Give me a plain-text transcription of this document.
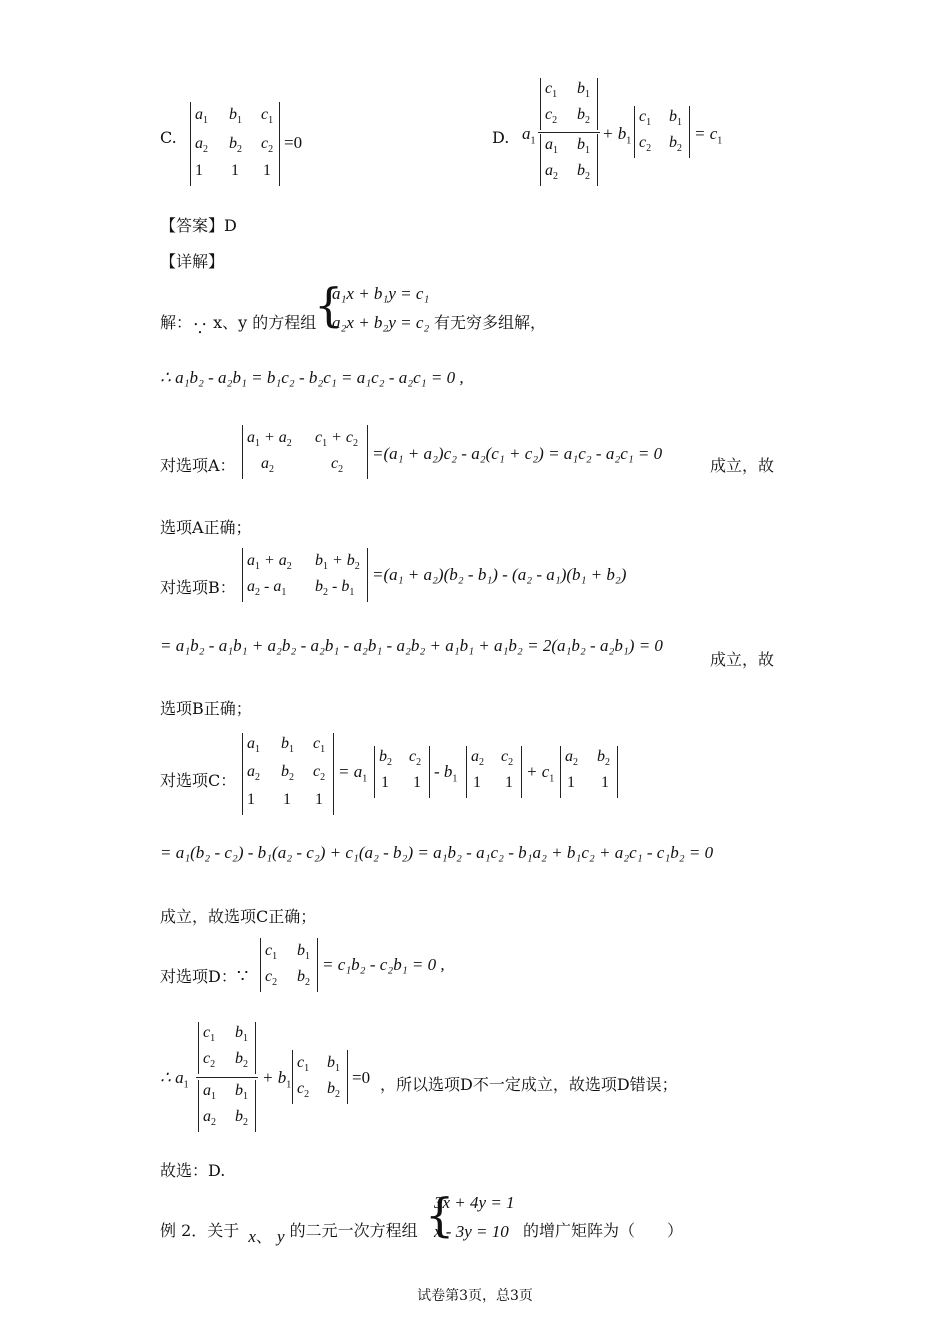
C.
$a_1$ $b_1$ $c_1$
$a_2$ $b_2$ $c_2$
1 1 1
=0	D. $a_1$
$c_1$ $b_1$
$c_2$ $b_2$
$a_1$ $b_1$
$a_2$ $b_2$
+ $b_1$
$c_1$ $b_1$
$c_2$ $b_2$
= $c_1$
【答案】D
【详解】
解：∵ x、y 的方程组
{
a₁x + b₁y = c₁
a₂x + b₂y = c₂ 有无穷多组解，
∴ a₁b₂ - a₂b₁ = b₁c₂ - b₂c₁ = a₁c₂ - a₂c₁ = 0 ,
对选项A：
$a_1 + a_2$ $c_1 + c_2$
$a_2$	$c_2$
=(a₁ + a₂)c₂ - a₂(c₁ + c₂) = a₁c₂ - a₂c₁ = 0
成立，故
选项A正确；
对选项B：
$a_1 + a_2$ $b_1 + b_2$
$a_2 - a_1$ $b_2 - b_1$
=(a₁ + a₂)(b₂ - b₁) - (a₂ - a₁)(b₁ + b₂)
= a₁b₂ - a₁b₁ + a₂b₂ - a₂b₁ - a₂b₁ - a₂b₂ + a₁b₁ + a₁b₂ = 2(a₁b₂ - a₂b₁) = 0
成立，故
选项B正确；
对选项C：
$a_1$ $b_1$ $c_1$
$a_2$ $b_2$ $c_2$
1 1 1
= $a_1$
$b_2$ $c_2$
1 1
- $b_1$
$a_2$ $c_2$
1 1
+ $c_1$
$a_2$ $b_2$
1 1
= a₁(b₂ - c₂) - b₁(a₂ - c₂) + c₁(a₂ - b₂) = a₁b₂ - a₁c₂ - b₁a₂ + b₁c₂ + a₂c₁ - c₁b₂ = 0
成立，故选项C正确；
对选项D：∵
$c_1$ $b_1$
$c_2$ $b_2$
= c₁b₂ - c₂b₁ = 0 ,
∴ $a_1$
$c_1$ $b_1$
$c_2$ $b_2$
$a_1$ $b_1$
$a_2$ $b_2$
+ $b_1$
$c_1$ $b_1$
$c_2$ $b_2$
=0 ，所以选项D不一定成立，故选项D错误；
故选：D.
例 2．关于 x、 y 的二元一次方程组 {
3x + 4y = 1
x - 3y = 10 的增广矩阵为（　　）
试卷第3页，总3页
